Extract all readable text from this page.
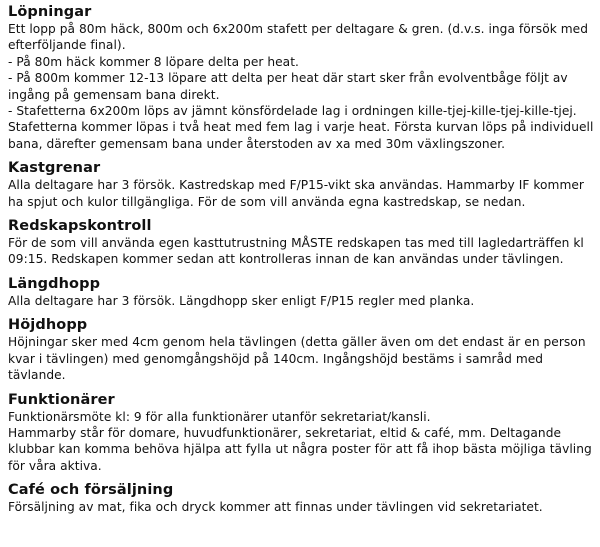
Löpningar

Ett lopp på 80m häck, 800m och 6x200m stafett per deltagare & gren. (d.v.s. inga försök med efterföljande final).

- På 80m häck kommer 8 löpare delta per heat.

- På 800m kommer 12-13 löpare att delta per heat där start sker från evolventbåge följt av ingång på gemensam bana direkt.

- Stafetterna 6x200m löps av jämnt könsfördelade lag i ordningen kille-tjej-kille-tjej-kille-tjej. Stafetterna kommer löpas i två heat med fem lag i varje heat. Första kurvan löps på individuell bana, därefter gemensam bana under återstoden av xa med 30m växlingszoner.

Kastgrenar

Alla deltagare har 3 försök. Kastredskap med F/P15-vikt ska användas. Hammarby IF kommer ha spjut och kulor tillgängliga. För de som vill använda egna kastredskap, se nedan.

Redskapskontroll

För de som vill använda egen kasttutrustning MÅSTE redskapen tas med till lagledarträffen kl 09:15. Redskapen kommer sedan att kontrolleras innan de kan användas under tävlingen.

Längdhopp

Alla deltagare har 3 försök. Längdhopp sker enligt F/P15 regler med planka.

Höjdhopp

Höjningar sker med 4cm genom hela tävlingen (detta gäller även om det endast är en person kvar i tävlingen) med genomgångshöjd på 140cm. Ingångshöjd bestäms i samråd med tävlande.

Funktionärer

Funktionärsmöte kl: 9 för alla funktionärer utanför sekretariat/kansli.

Hammarby står för domare, huvudfunktionärer, sekretariat, eltid & café, mm. Deltagande klubbar kan komma behöva hjälpa att fylla ut några poster för att få ihop bästa möjliga tävling för våra aktiva.

Café och försäljning

Försäljning av mat, fika och dryck kommer att finnas under tävlingen vid sekretariatet.
